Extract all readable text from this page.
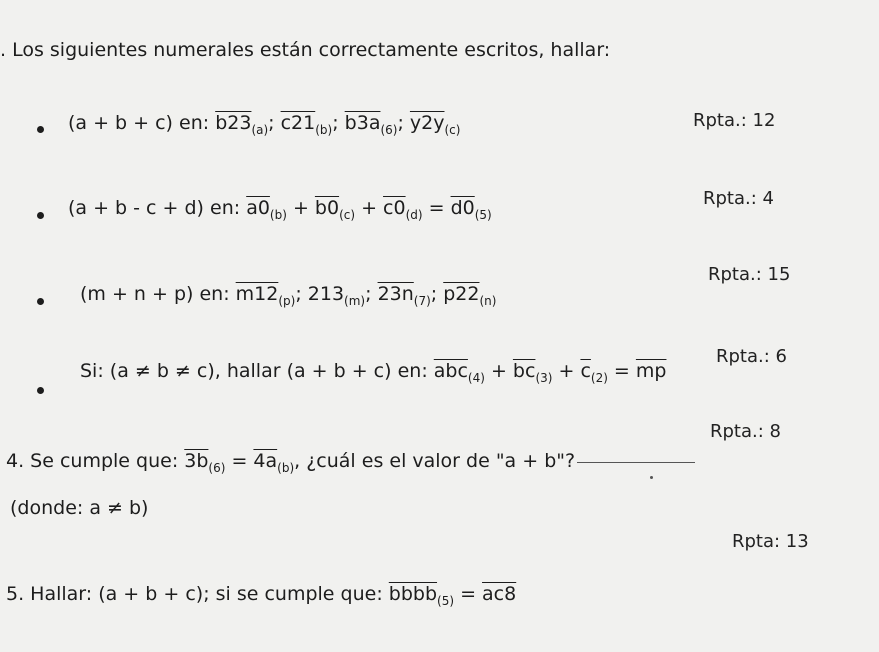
. Los siguientes numerales están correctamente escritos, hallar:
(a + b + c) en: $b23_{(a)}$; $c21_{(b)}$; $b3a_{(6)}$; $y2y_{(c)}$	Rpta.: 12
(a + b - c + d) en: $a0_{(b)} + b0_{(c)} + c0_{(d)} = d0_{(5)}$
Rpta.: 4
(m + n + p) en: $m12_{(p)}$; $213_{(m)}$; $23n_{(7)}$; $p22_{(n)}$
Rpta.: 15
Si: (a ≠ b ≠ c), hallar (a + b + c) en: $\overline{abc}_{(4)} + \overline{bc}_{(3)} + \overline{c}_{(2)} = \overline{mp}$
Rpta.: 6
4. Se cumple que: $3b_{(6)} = 4a_{(b)}$, ¿cuál es el valor de "a + b"?
Rpta.: 8
(donde: a ≠ b)
5. Hallar: (a + b + c); si se cumple que: bbbb$_{(5)}$ = ac8
Rpta: 13
